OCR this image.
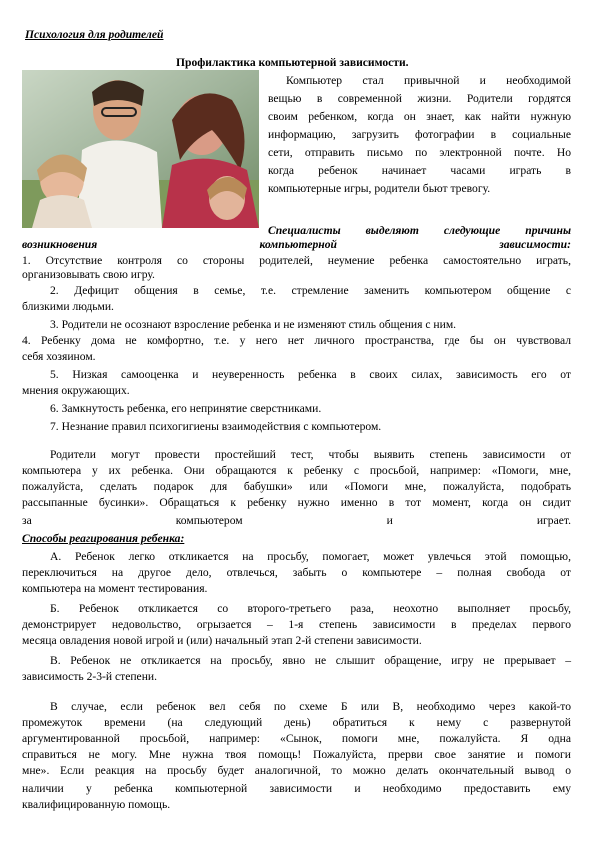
Психология для родителей
Профилактика компьютерной зависимости.
Компьютер стал привычной и необходимой
вещью в современной жизни. Родители гордятся
своим ребенком, когда он знает, как найти нужную
информацию, загрузить фотографии в социальные
сети, отправить письмо по электронной почте. Но
когда ребенок начинает часами играть в
компьютерные игры, родители бьют тревогу.
Специалисты выделяют следующие причины
возникновения компьютерной зависимости:
1. Отсутствие контроля со стороны родителей, неумение ребенка самостоятельно играть,
организовывать свою игру.
2. Дефицит общения в семье, т.е. стремление заменить компьютером общение с
близкими людьми.
3. Родители не осознают взросление ребенка и не изменяют стиль общения с ним.
4. Ребенку дома не комфортно, т.е. у него нет личного пространства, где бы он чувствовал
себя хозяином.
5. Низкая самооценка и неуверенность ребенка в своих силах, зависимость его от
мнения окружающих.
6. Замкнутость ребенка, его непринятие сверстниками.
7. Незнание правил психогигиены взаимодействия с компьютером.
Родители могут провести простейший тест, чтобы выявить степень зависимости от
компьютера у их ребенка. Они обращаются к ребенку с просьбой, например: «Помоги, мне,
пожалуйста, сделать подарок для бабушки» или «Помоги мне, пожалуйста, подобрать
рассыпанные бусинки». Обращаться к ребенку нужно именно в тот момент, когда он сидит
за компьютером и играет.
Способы реагирования ребенка:
А. Ребенок легко откликается на просьбу, помогает, может увлечься этой помощью,
переключиться на другое дело, отвлечься, забыть о компьютере – полная свобода от
компьютера на момент тестирования.
Б. Ребенок откликается со второго-третьего раза, неохотно выполняет просьбу,
демонстрирует недовольство, огрызается – 1-я степень зависимости в пределах первого
месяца овладения новой игрой и (или) начальный этап 2-й степени зависимости.
В. Ребенок не откликается на просьбу, явно не слышит обращение, игру не прерывает –
зависимость 2-3-й степени.
В случае, если ребенок вел себя по схеме Б или В, необходимо через какой-то
промежуток времени (на следующий день) обратиться к нему с развернутой
аргументированной просьбой, например: «Сынок, помоги мне, пожалуйста. Я одна
справиться не могу. Мне нужна твоя помощь! Пожалуйста, прерви свое занятие и помоги
мне». Если реакция на просьбу будет аналогичной, то можно делать окончательный вывод о
наличии у ребенка компьютерной зависимости и необходимо предоставить ему
квалифицированную помощь.
